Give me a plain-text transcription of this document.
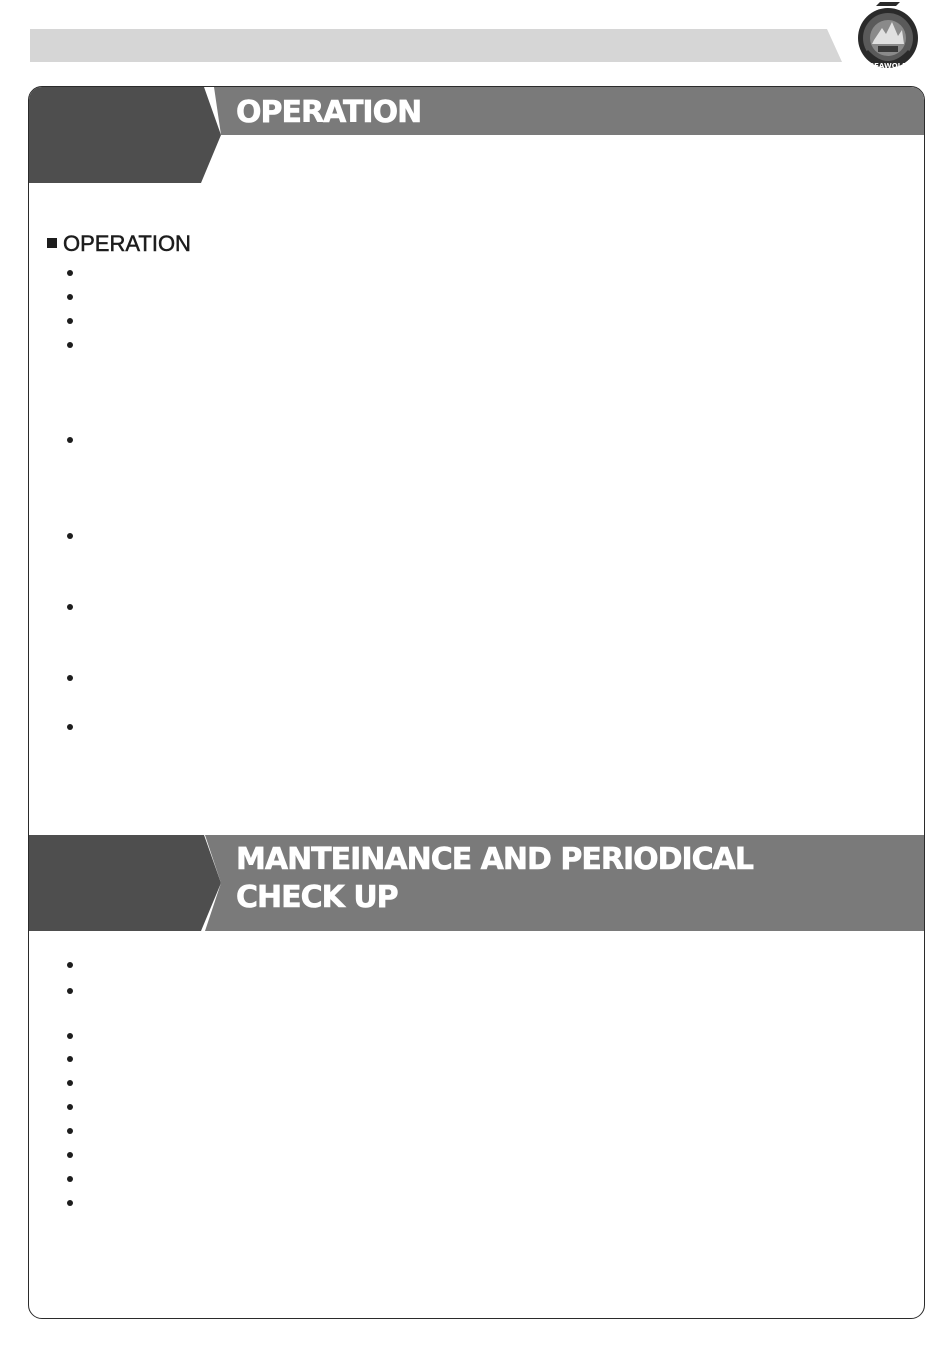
SEAWOLF
OPERATION
MANTEINANCE AND PERIODICAL
CHECK UP
OPERATION
